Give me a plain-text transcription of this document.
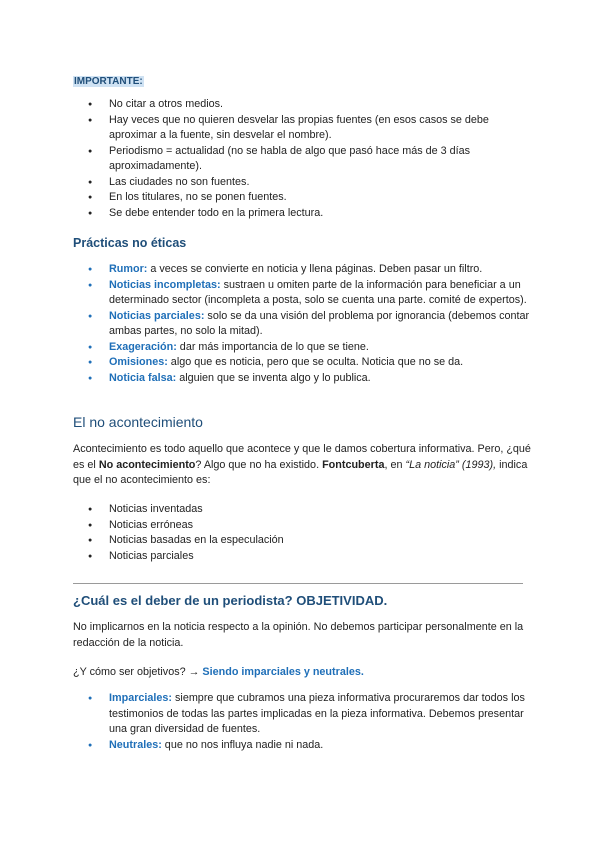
IMPORTANTE:
● No citar a otros medios.
● Hay veces que no quieren desvelar las propias fuentes (en esos casos se debe aproximar a la fuente, sin desvelar el nombre).
● Periodismo = actualidad (no se habla de algo que pasó hace más de 3 días aproximadamente).
● Las ciudades no son fuentes.
● En los titulares, no se ponen fuentes.
● Se debe entender todo en la primera lectura.
Prácticas no éticas
● Rumor: a veces se convierte en noticia y llena páginas. Deben pasar un filtro.
● Noticias incompletas: sustraen u omiten parte de la información para beneficiar a un determinado sector (incompleta a posta, solo se cuenta una parte. comité de expertos).
● Noticias parciales: solo se da una visión del problema por ignorancia (debemos contar ambas partes, no solo la mitad).
● Exageración: dar más importancia de lo que se tiene.
● Omisiones: algo que es noticia, pero que se oculta. Noticia que no se da.
● Noticia falsa: alguien que se inventa algo y lo publica.
El no acontecimiento

Acontecimiento es todo aquello que acontece y que le damos cobertura informativa. Pero, ¿qué es el No acontecimiento? Algo que no ha existido. Fontcuberta, en “La noticia” (1993), indica que el no acontecimiento es:

● Noticias inventadas
● Noticias erróneas
● Noticias basadas en la especulación
● Noticias parciales
¿Cuál es el deber de un periodista? OBJETIVIDAD.

No implicarnos en la noticia respecto a la opinión. No debemos participar personalmente en la redacción de la noticia.

¿Y cómo ser objetivos? → Siendo imparciales y neutrales.

● Imparciales: siempre que cubramos una pieza informativa procuraremos dar todos los testimonios de todas las partes implicadas en la pieza informativa. Debemos presentar una gran diversidad de fuentes.
● Neutrales: que no nos influya nadie ni nada.
